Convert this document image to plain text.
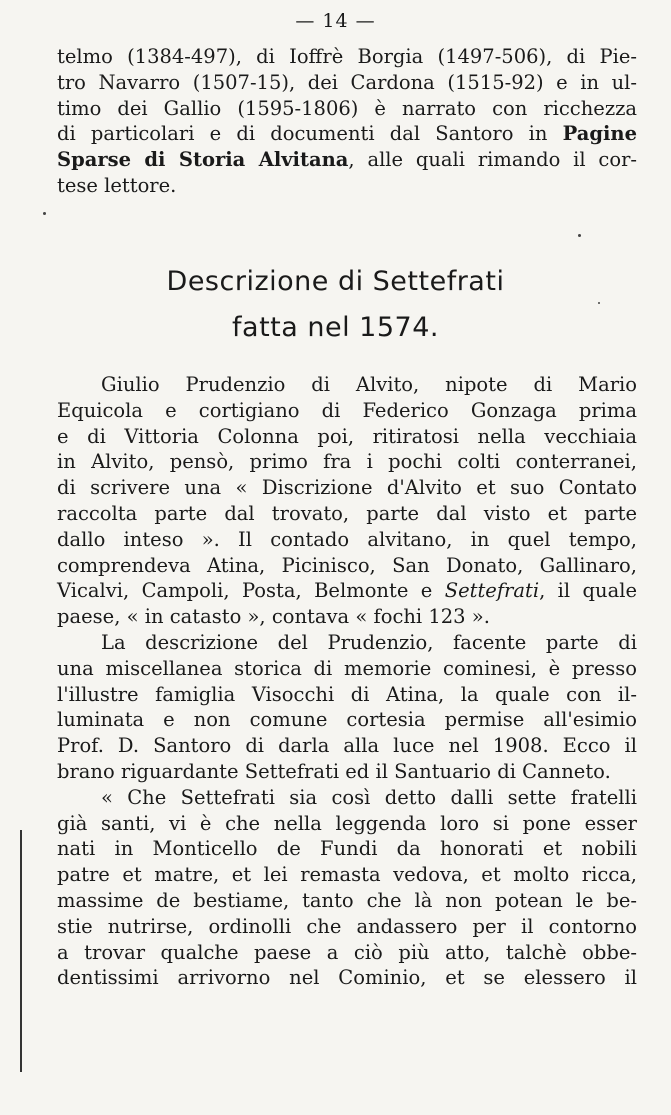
— 14 —
telmo (1384-497), di Ioffrè Borgia (1497-506), di Pie-
tro Navarro (1507-15), dei Cardona (1515-92) e in ul-
timo dei Gallio (1595-1806) è narrato con ricchezza
di particolari e di documenti dal Santoro in Pagine
Sparse di Storia Alvitana, alle quali rimando il cor-
tese lettore.
Descrizione di Settefrati
fatta nel 1574.
Giulio Prudenzio di Alvito, nipote di Mario
Equicola e cortigiano di Federico Gonzaga prima
e di Vittoria Colonna poi, ritiratosi nella vecchiaia
in Alvito, pensò, primo fra i pochi colti conterranei,
di scrivere una « Discrizione d'Alvito et suo Contato
raccolta parte dal trovato, parte dal visto et parte
dallo inteso ». Il contado alvitano, in quel tempo,
comprendeva Atina, Picinisco, San Donato, Gallinaro,
Vicalvi, Campoli, Posta, Belmonte e Settefrati, il quale
paese, « in catasto », contava « fochi 123 ».
La descrizione del Prudenzio, facente parte di
una miscellanea storica di memorie cominesi, è presso
l'illustre famiglia Visocchi di Atina, la quale con il-
luminata e non comune cortesia permise all'esimio
Prof. D. Santoro di darla alla luce nel 1908. Ecco il
brano riguardante Settefrati ed il Santuario di Canneto.
« Che Settefrati sia così detto dalli sette fratelli
già santi, vi è che nella leggenda loro si pone esser
nati in Monticello de Fundi da honorati et nobili
patre et matre, et lei remasta vedova, et molto ricca,
massime de bestiame, tanto che là non potean le be-
stie nutrirse, ordinolli che andassero per il contorno
a trovar qualche paese a ciò più atto, talchè obbe-
dentissimi arrivorno nel Cominio, et se elessero il
